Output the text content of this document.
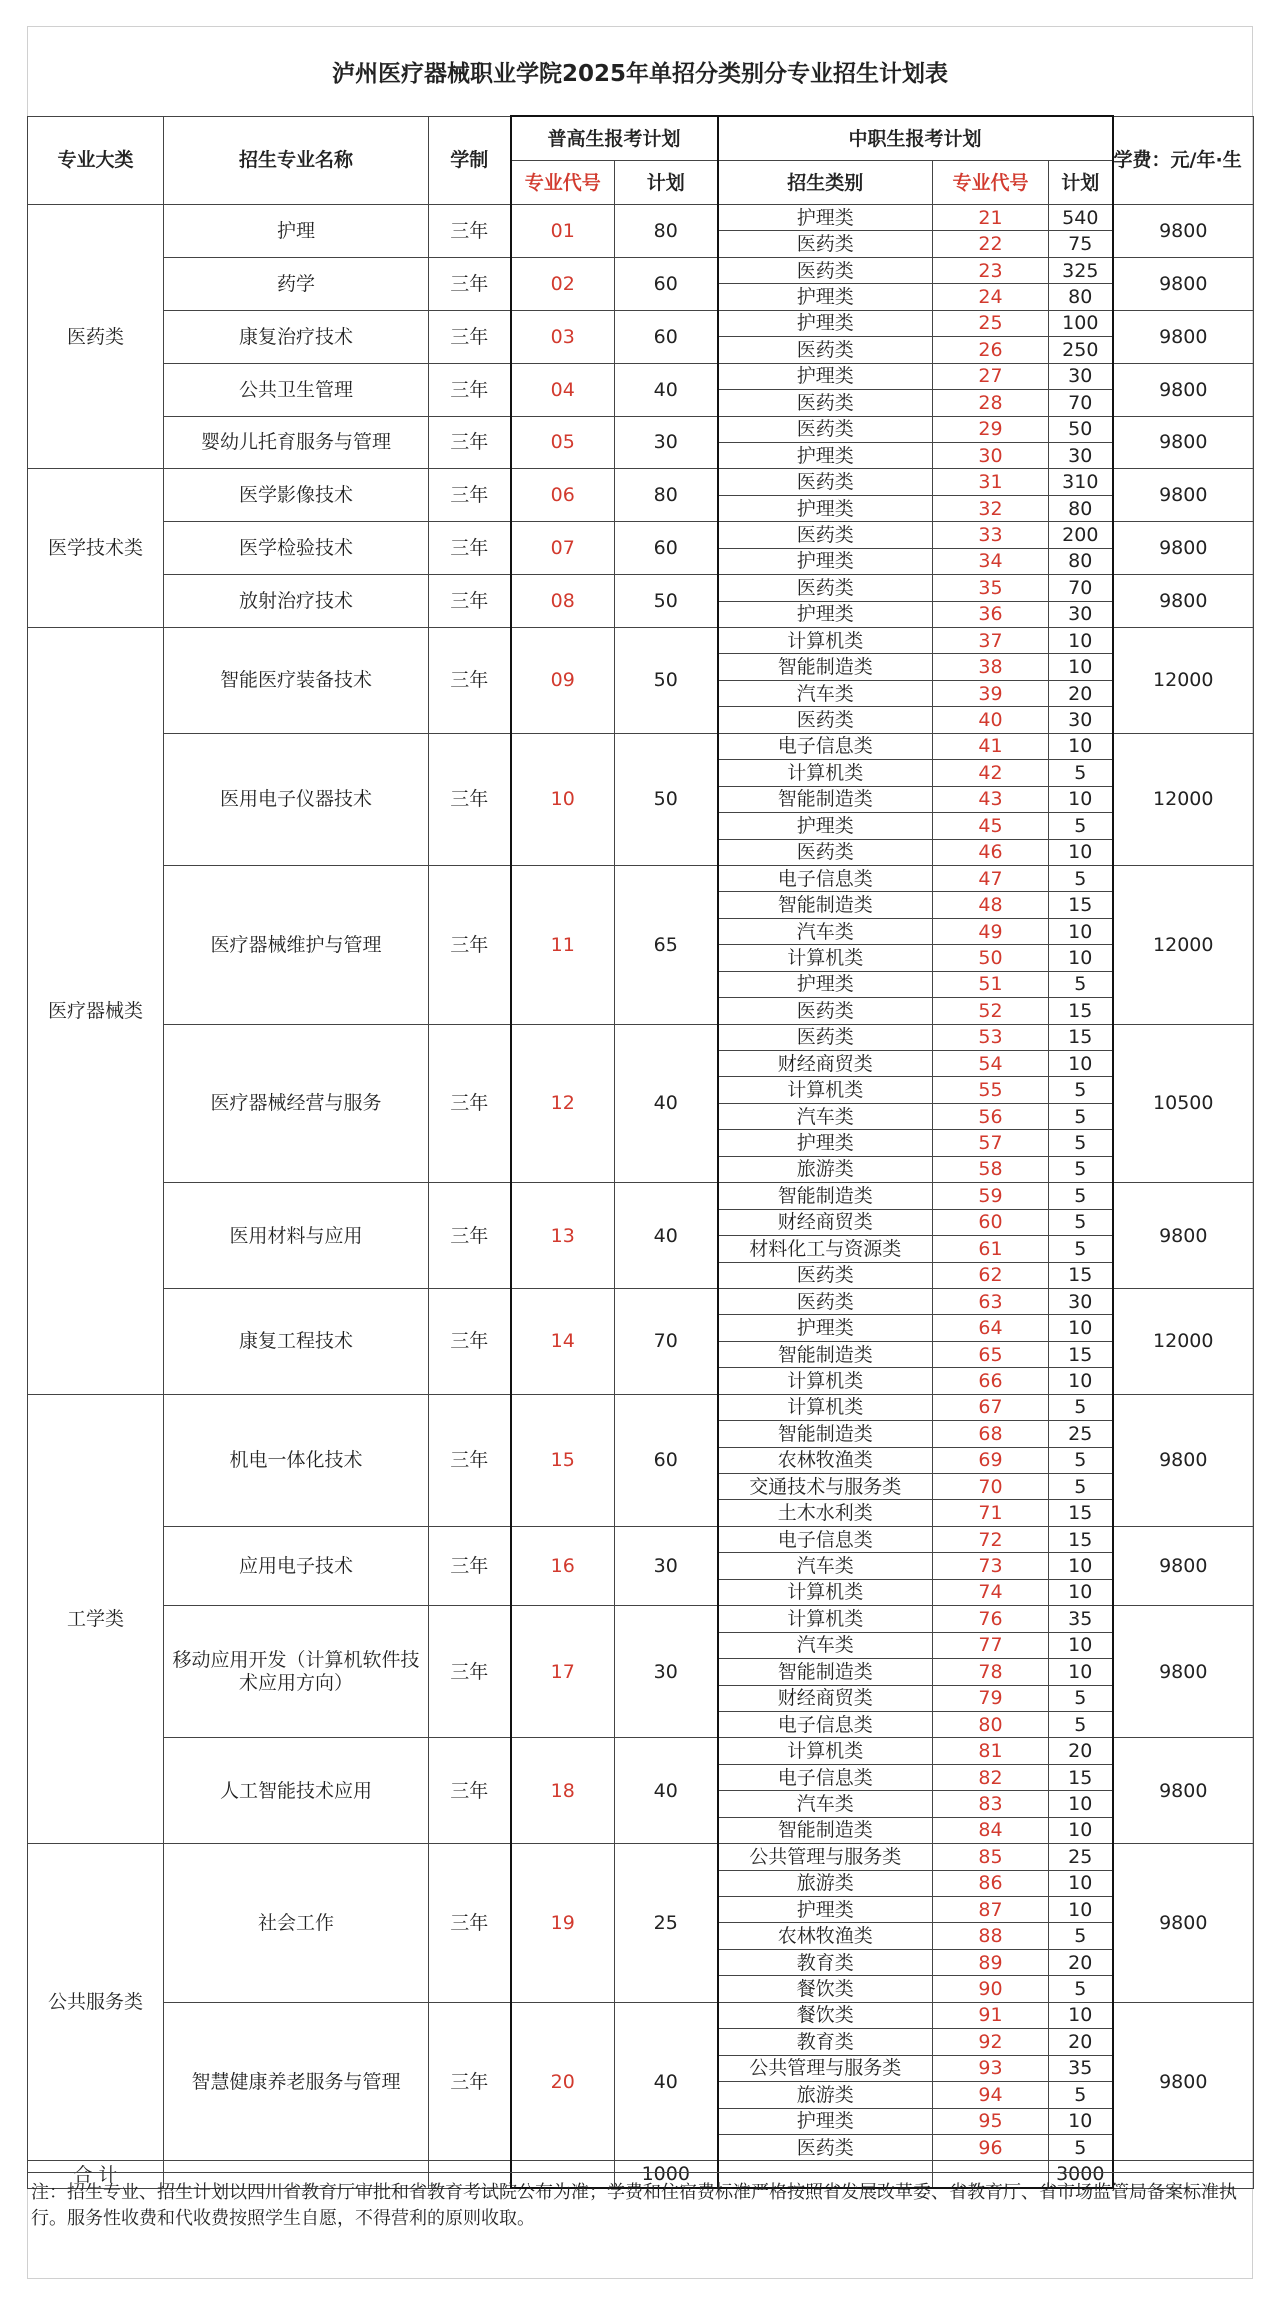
泸州医疗器械职业学院2025年单招分类别分专业招生计划表
专业大类	招生专业名称	学制	普高生报考计划		中职生报考计划			学费：元/年·生
			专业代号	计划	招生类别	专业代号	计划	
医药类	护理	三年	01	80	护理类	21	540	9800
					医药类	22	75	
	药学	三年	02	60	医药类	23	325	9800
					护理类	24	80	
	康复治疗技术	三年	03	60	护理类	25	100	9800
					医药类	26	250	
	公共卫生管理	三年	04	40	护理类	27	30	9800
					医药类	28	70	
	婴幼儿托育服务与管理	三年	05	30	医药类	29	50	9800
					护理类	30	30	
医学技术类	医学影像技术	三年	06	80	医药类	31	310	9800
					护理类	32	80	
	医学检验技术	三年	07	60	医药类	33	200	9800
					护理类	34	80	
	放射治疗技术	三年	08	50	医药类	35	70	9800
					护理类	36	30	
医疗器械类	智能医疗装备技术	三年	09	50	计算机类	37	10	12000
					智能制造类	38	10	
					汽车类	39	20	
					医药类	40	30	
	医用电子仪器技术	三年	10	50	电子信息类	41	10	12000
					计算机类	42	5	
					智能制造类	43	10	
					护理类	45	5	
					医药类	46	10	
	医疗器械维护与管理	三年	11	65	电子信息类	47	5	12000
					智能制造类	48	15	
					汽车类	49	10	
					计算机类	50	10	
					护理类	51	5	
					医药类	52	15	
	医疗器械经营与服务	三年	12	40	医药类	53	15	10500
					财经商贸类	54	10	
					计算机类	55	5	
					汽车类	56	5	
					护理类	57	5	
					旅游类	58	5	
	医用材料与应用	三年	13	40	智能制造类	59	5	9800
					财经商贸类	60	5	
					材料化工与资源类	61	5	
					医药类	62	15	
	康复工程技术	三年	14	70	医药类	63	30	12000
					护理类	64	10	
					智能制造类	65	15	
					计算机类	66	10	
工学类	机电一体化技术	三年	15	60	计算机类	67	5	9800
					智能制造类	68	25	
					农林牧渔类	69	5	
					交通技术与服务类	70	5	
					土木水利类	71	15	
	应用电子技术	三年	16	30	电子信息类	72	15	9800
					汽车类	73	10	
					计算机类	74	10	
	移动应用开发（计算机软件技术应用方向）	三年	17	30	计算机类	76	35	9800
					汽车类	77	10	
					智能制造类	78	10	
					财经商贸类	79	5	
					电子信息类	80	5	
	人工智能技术应用	三年	18	40	计算机类	81	20	9800
					电子信息类	82	15	
					汽车类	83	10	
					智能制造类	84	10	
公共服务类	社会工作	三年	19	25	公共管理与服务类	85	25	9800
					旅游类	86	10	
					护理类	87	10	
					农林牧渔类	88	5	
					教育类	89	20	
					餐饮类	90	5	
	智慧健康养老服务与管理	三年	20	40	餐饮类	91	10	9800
					教育类	92	20	
					公共管理与服务类	93	35	
					旅游类	94	5	
					护理类	95	10	
					医药类	96	5	
合 计				1000			3000	
注：招生专业、招生计划以四川省教育厅审批和省教育考试院公布为准；学费和住宿费标准严格按照省发展改革委、省教育厅、省市场监管局备案标准执行。服务性收费和代收费按照学生自愿，不得营利的原则收取。
